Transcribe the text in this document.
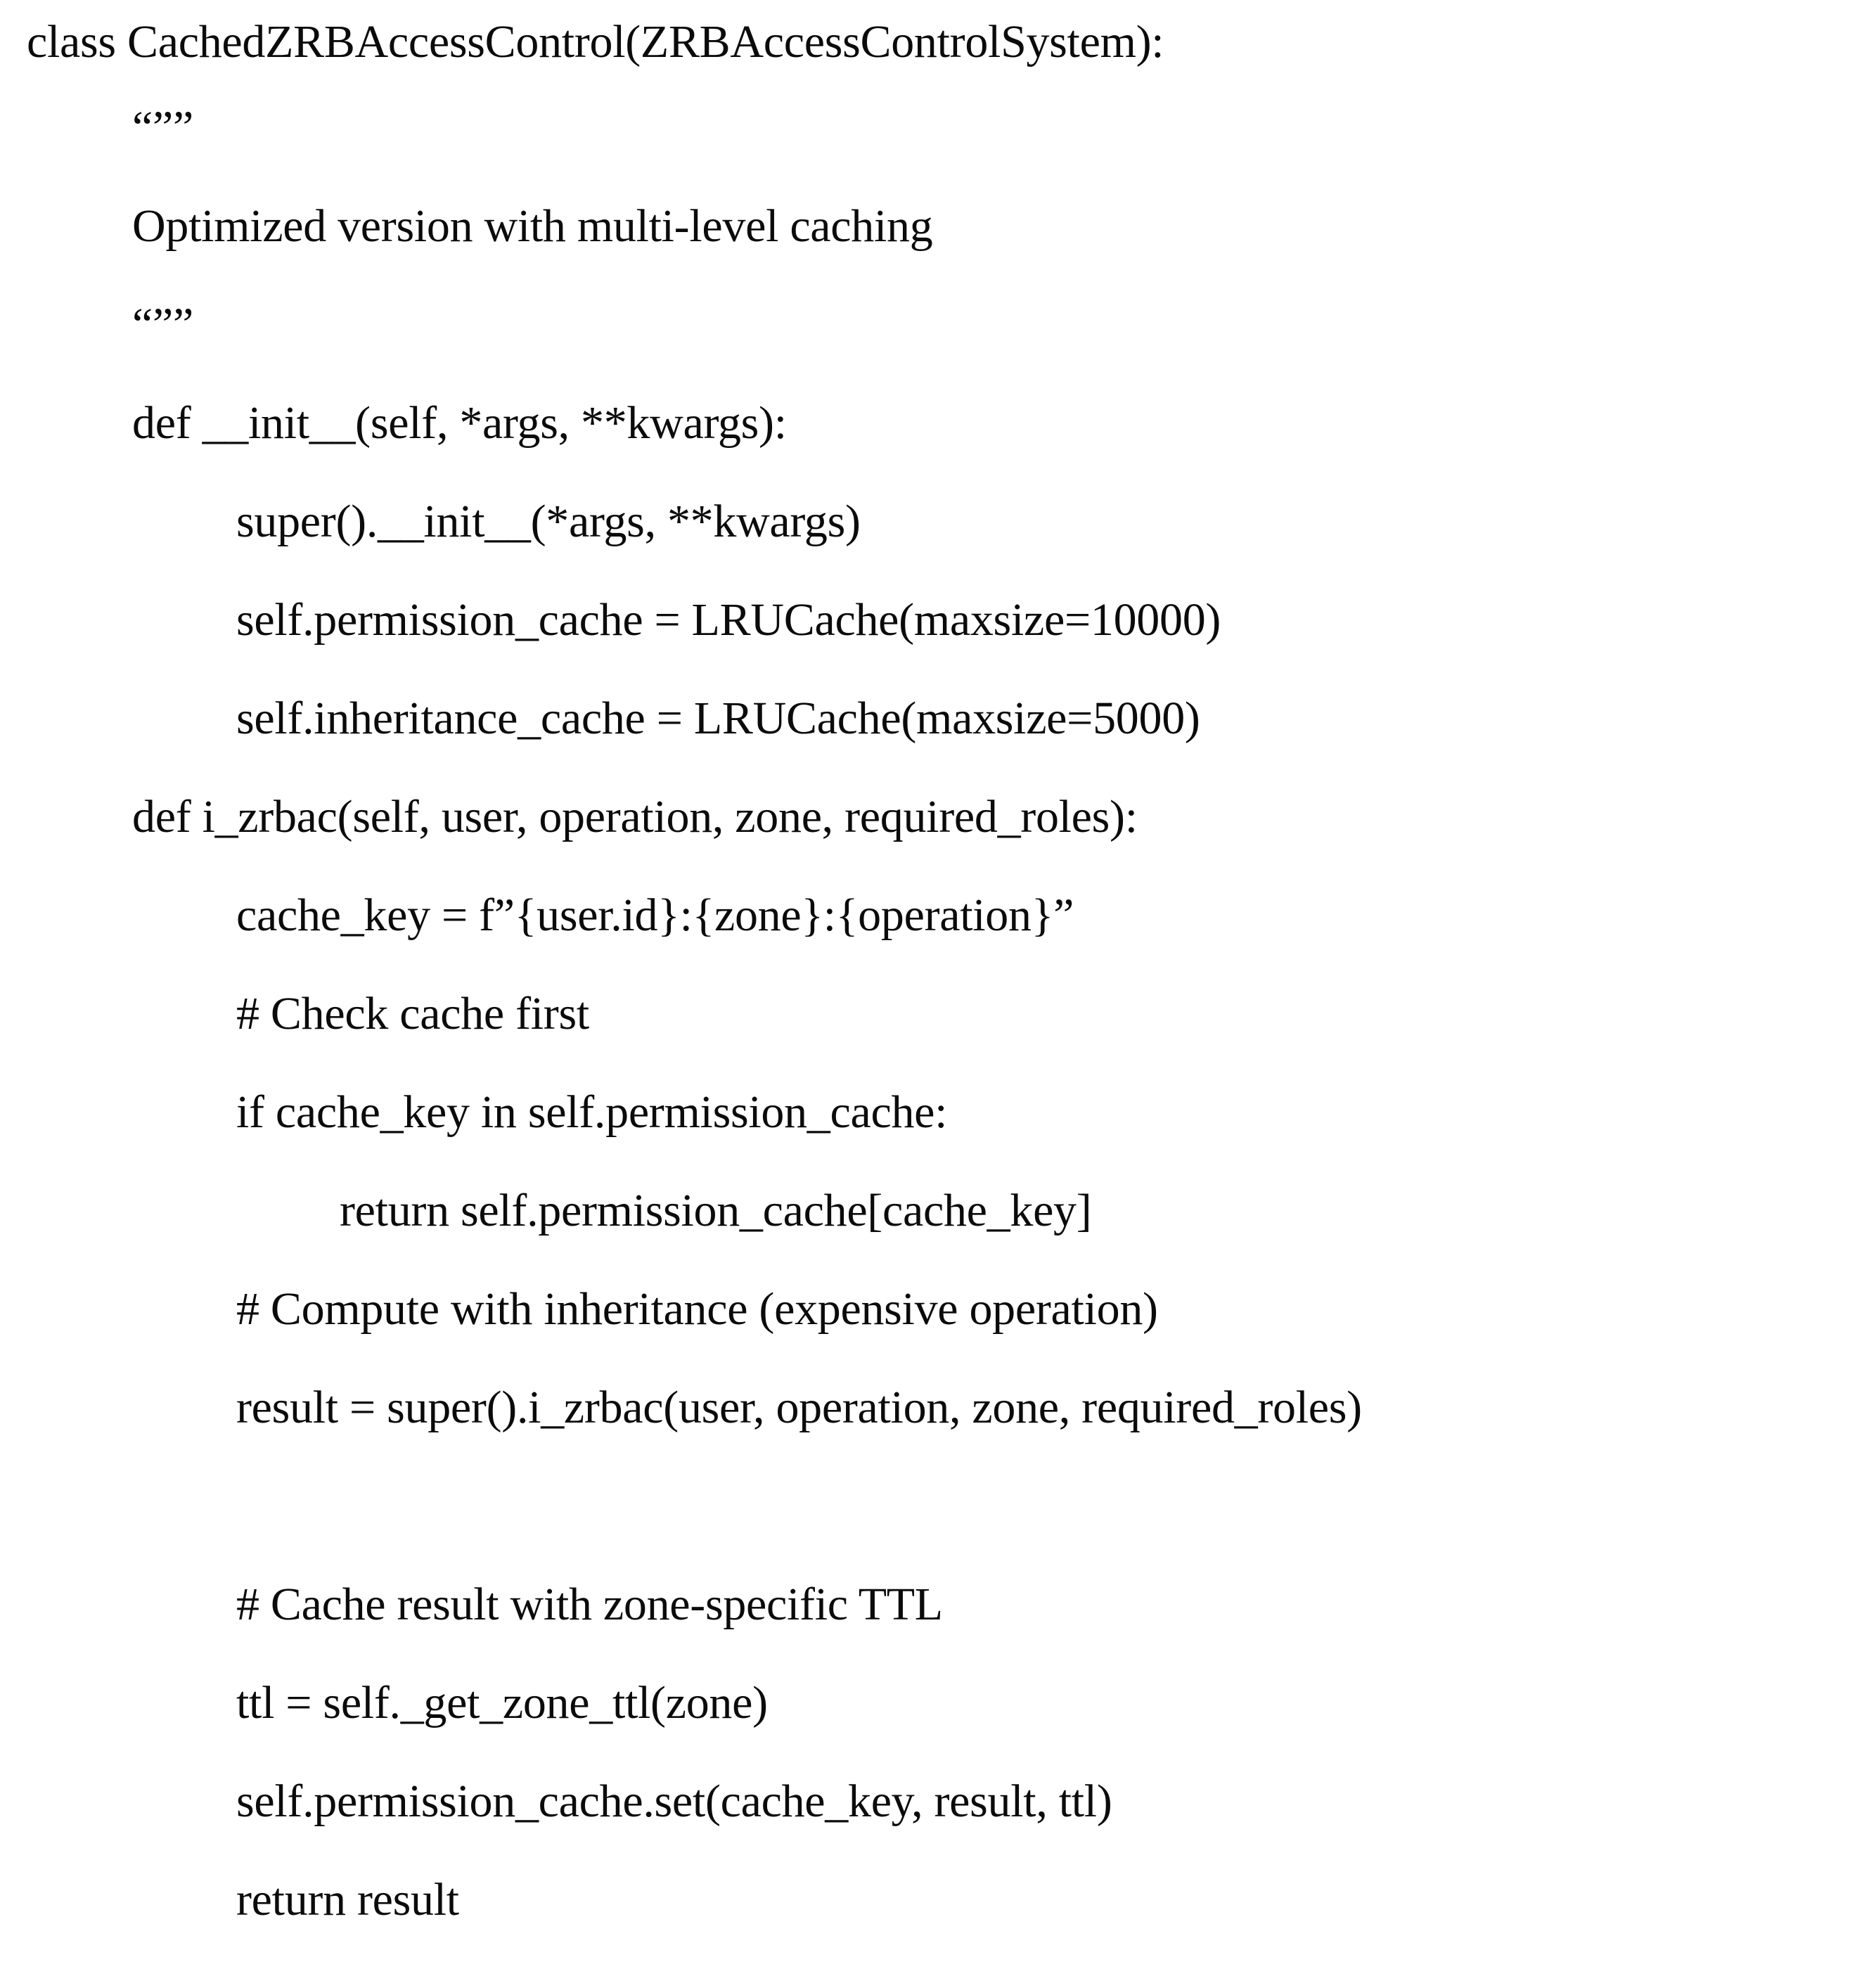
class CachedZRBAccessControl(ZRBAccessControlSystem):
“””
Optimized version with multi-level caching
“””
def __init__(self, *args, **kwargs):
super().__init__(*args, **kwargs)
self.permission_cache = LRUCache(maxsize=10000)
self.inheritance_cache = LRUCache(maxsize=5000)
def i_zrbac(self, user, operation, zone, required_roles):
cache_key = f”{user.id}:{zone}:{operation}”
# Check cache first
if cache_key in self.permission_cache:
return self.permission_cache[cache_key]
# Compute with inheritance (expensive operation)
result = super().i_zrbac(user, operation, zone, required_roles)
# Cache result with zone-specific TTL
ttl = self._get_zone_ttl(zone)
self.permission_cache.set(cache_key, result, ttl)
return result
